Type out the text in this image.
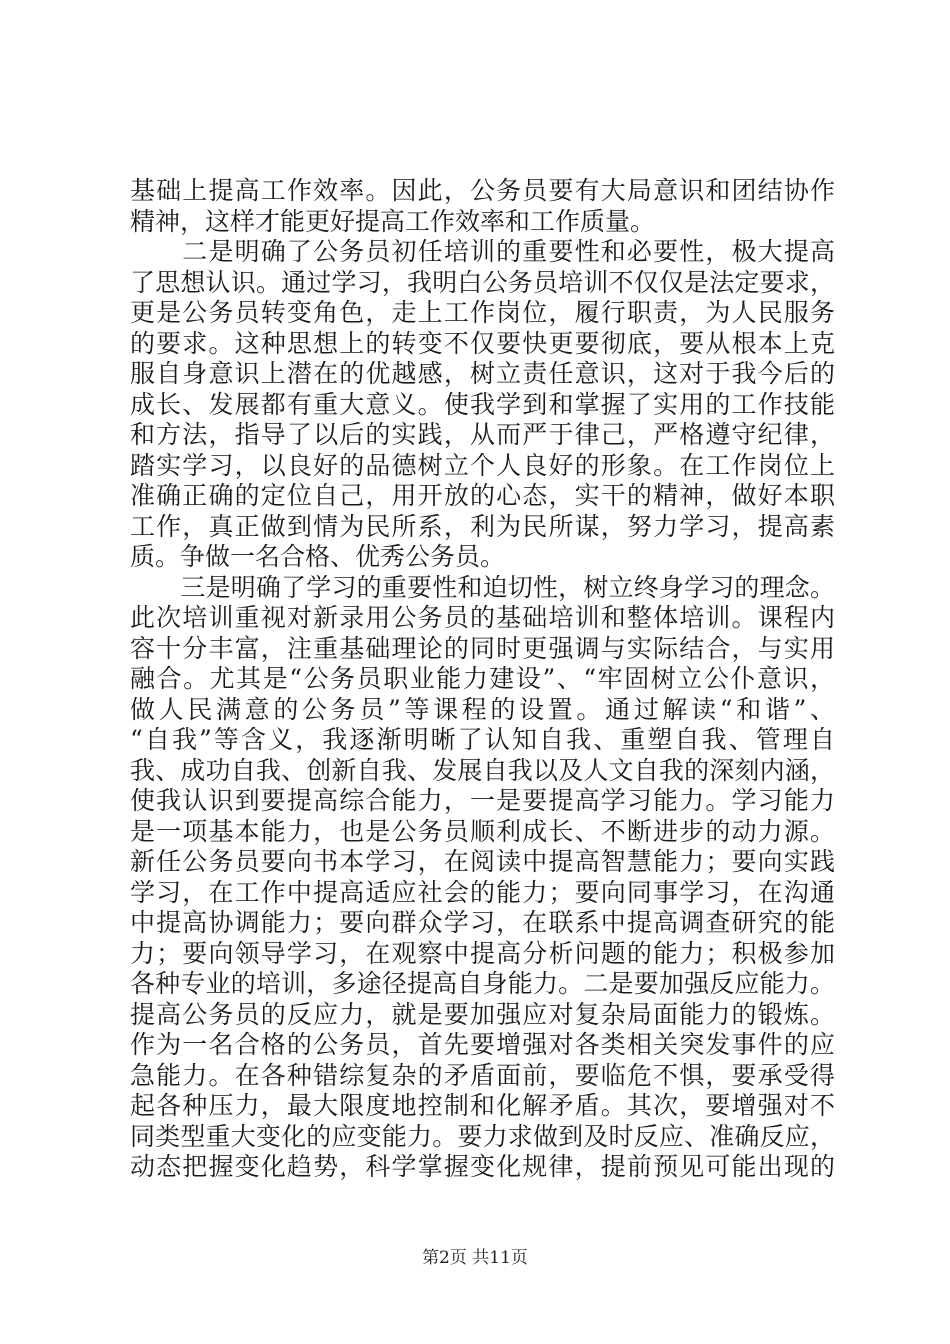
基础上提高工作效率。因此，公务员要有大局意识和团结协作
精神，这样才能更好提高工作效率和工作质量。
　　二是明确了公务员初任培训的重要性和必要性，极大提高
了思想认识。通过学习，我明白公务员培训不仅仅是法定要求，
更是公务员转变角色，走上工作岗位，履行职责，为人民服务
的要求。这种思想上的转变不仅要快更要彻底，要从根本上克
服自身意识上潜在的优越感，树立责任意识，这对于我今后的
成长、发展都有重大意义。使我学到和掌握了实用的工作技能
和方法，指导了以后的实践，从而严于律己，严格遵守纪律，
踏实学习，以良好的品德树立个人良好的形象。在工作岗位上
准确正确的定位自己，用开放的心态，实干的精神，做好本职
工作，真正做到情为民所系，利为民所谋，努力学习，提高素
质。争做一名合格、优秀公务员。
　　三是明确了学习的重要性和迫切性，树立终身学习的理念。
此次培训重视对新录用公务员的基础培训和整体培训。课程内
容十分丰富，注重基础理论的同时更强调与实际结合，与实用
融合。尤其是“公务员职业能力建设”、“牢固树立公仆意识，
做人民满意的公务员”等课程的设置。通过解读“和谐”、
“自我”等含义，我逐渐明晰了认知自我、重塑自我、管理自
我、成功自我、创新自我、发展自我以及人文自我的深刻内涵，
使我认识到要提高综合能力，一是要提高学习能力。学习能力
是一项基本能力，也是公务员顺利成长、不断进步的动力源。
新任公务员要向书本学习，在阅读中提高智慧能力；要向实践
学习，在工作中提高适应社会的能力；要向同事学习，在沟通
中提高协调能力；要向群众学习，在联系中提高调查研究的能
力；要向领导学习，在观察中提高分析问题的能力；积极参加
各种专业的培训，多途径提高自身能力。二是要加强反应能力。
提高公务员的反应力，就是要加强应对复杂局面能力的锻炼。
作为一名合格的公务员，首先要增强对各类相关突发事件的应
急能力。在各种错综复杂的矛盾面前，要临危不惧，要承受得
起各种压力，最大限度地控制和化解矛盾。其次，要增强对不
同类型重大变化的应变能力。要力求做到及时反应、准确反应，
动态把握变化趋势，科学掌握变化规律，提前预见可能出现的
第2页 共11页
